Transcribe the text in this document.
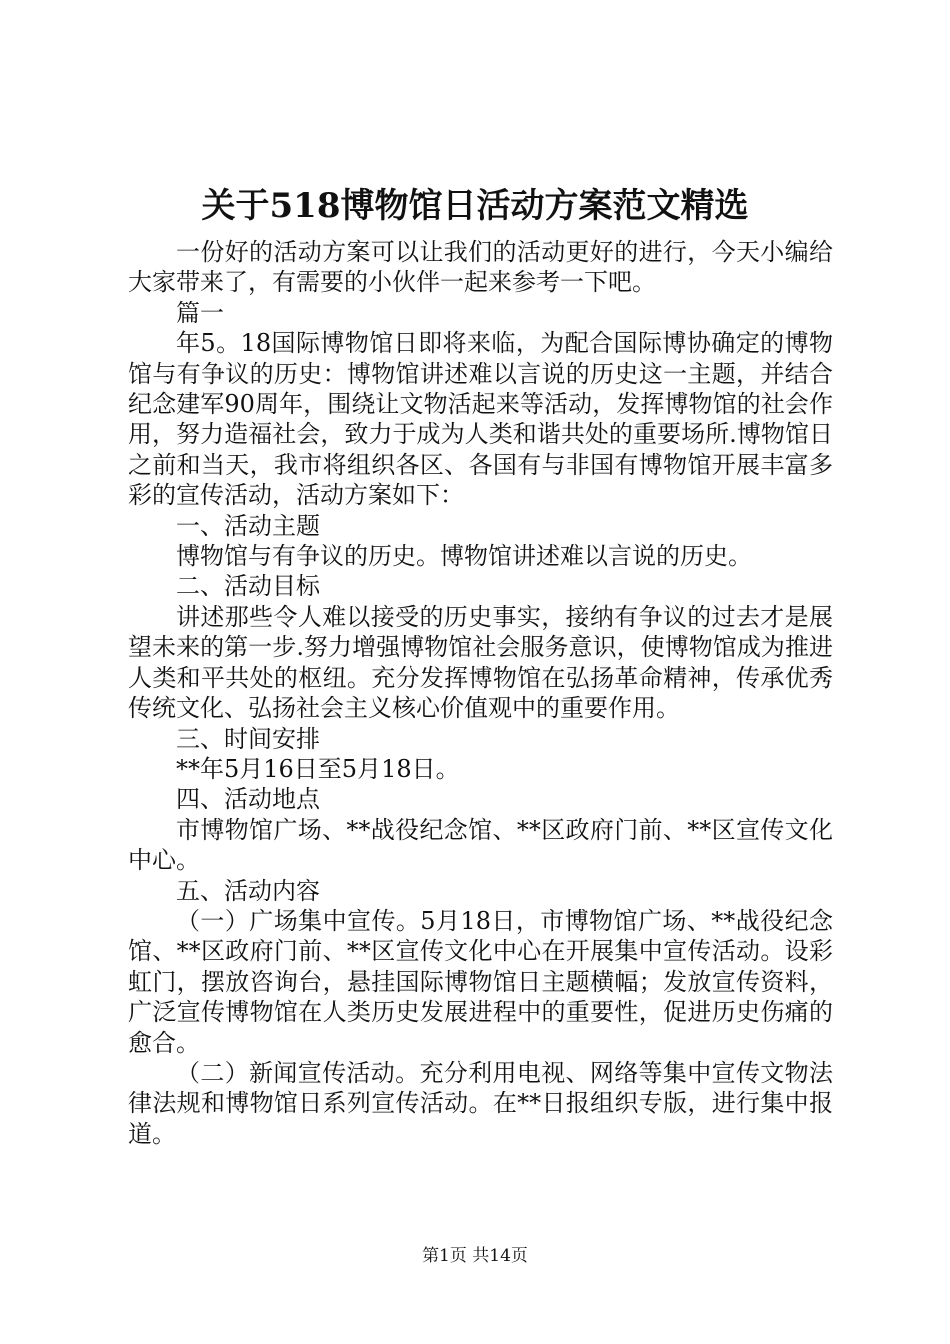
关于518博物馆日活动方案范文精选

一份好的活动方案可以让我们的活动更好的进行，今天小编给大家带来了，有需要的小伙伴一起来参考一下吧。

篇一

年5。18国际博物馆日即将来临，为配合国际博协确定的博物馆与有争议的历史：博物馆讲述难以言说的历史这一主题，并结合纪念建军90周年，围绕让文物活起来等活动，发挥博物馆的社会作用，努力造福社会，致力于成为人类和谐共处的重要场所.博物馆日之前和当天，我市将组织各区、各国有与非国有博物馆开展丰富多彩的宣传活动，活动方案如下：

一、活动主题

博物馆与有争议的历史。博物馆讲述难以言说的历史。

二、活动目标

讲述那些令人难以接受的历史事实，接纳有争议的过去才是展望未来的第一步.努力增强博物馆社会服务意识，使博物馆成为推进人类和平共处的枢纽。充分发挥博物馆在弘扬革命精神，传承优秀传统文化、弘扬社会主义核心价值观中的重要作用。

三、时间安排

**年5月16日至5月18日。

四、活动地点

市博物馆广场、**战役纪念馆、**区政府门前、**区宣传文化中心。

五、活动内容

（一）广场集中宣传。5月18日，市博物馆广场、**战役纪念馆、**区政府门前、**区宣传文化中心在开展集中宣传活动。设彩虹门，摆放咨询台，悬挂国际博物馆日主题横幅；发放宣传资料，广泛宣传博物馆在人类历史发展进程中的重要性，促进历史伤痛的愈合。

（二）新闻宣传活动。充分利用电视、网络等集中宣传文物法律法规和博物馆日系列宣传活动。在**日报组织专版，进行集中报道。

第1页 共14页
